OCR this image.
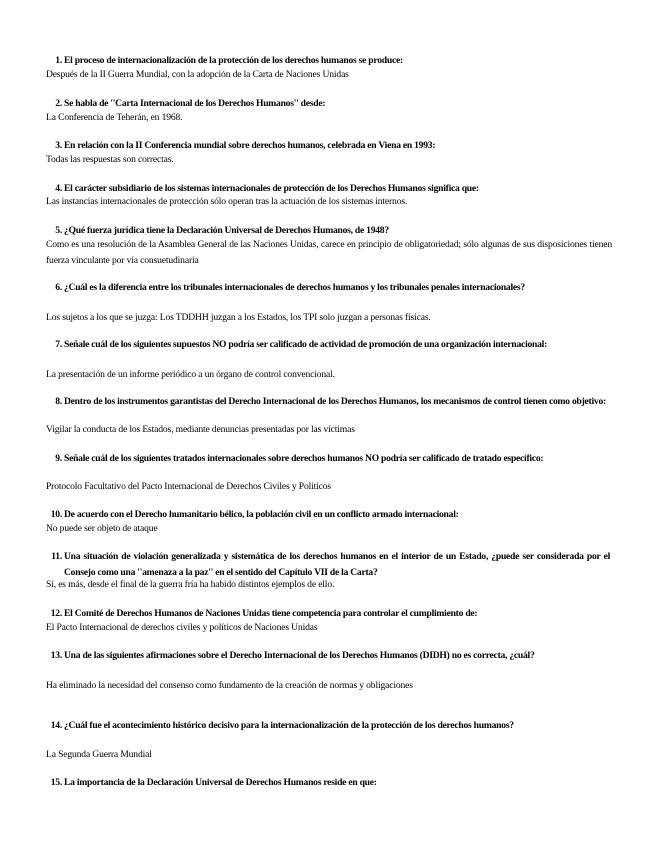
1. El proceso de internacionalización de la protección de los derechos humanos se produce:
Después de la II Guerra Mundial, con la adopción de la Carta de Naciones Unidas
2. Se habla de ''Carta Internacional de los Derechos Humanos'' desde:
La Conferencia de Teherán, en 1968.
3. En relación con la II Conferencia mundial sobre derechos humanos, celebrada en Viena en 1993:
Todas las respuestas son correctas.
4. El carácter subsidiario de los sistemas internacionales de protección de los Derechos Humanos significa que:
Las instancias internacionales de protección sólo operan tras la actuación de los sistemas internos.
5. ¿Qué fuerza jurídica tiene la Declaración Universal de Derechos Humanos, de 1948?
Como es una resolución de la Asamblea General de las Naciones Unidas, carece en principio de obligatoriedad; sólo algunas de sus disposiciones tienen fuerza vinculante por vía consuetudinaria
6. ¿Cuál es la diferencia entre los tribunales internacionales de derechos humanos y los tribunales penales internacionales?
Los sujetos a los que se juzga: Los TDDHH juzgan a los Estados, los TPI solo juzgan a personas físicas.
7. Señale cuál de los siguientes supuestos NO podría ser calificado de actividad de promoción de una organización internacional:
La presentación de un informe periódico a un órgano de control convencional.
8. Dentro de los instrumentos garantistas del Derecho Internacional de los Derechos Humanos, los mecanismos de control tienen como objetivo:
Vigilar la conducta de los Estados, mediante denuncias presentadas por las víctimas
9. Señale cuál de los siguientes tratados internacionales sobre derechos humanos NO podría ser calificado de tratado específico:
Protocolo Facultativo del Pacto Internacional de Derechos Civiles y Políticos
10. De acuerdo con el Derecho humanitario bélico, la población civil en un conflicto armado internacional:
No puede ser objeto de ataque
11. Una situación de violación generalizada y sistemática de los derechos humanos en el interior de un Estado, ¿puede ser considerada por el Consejo como una ''amenaza a la paz'' en el sentido del Capítulo VII de la Carta?
Sí, es más, desde el final de la guerra fría ha habido distintos ejemplos de ello.
12. El Comité de Derechos Humanos de Naciones Unidas tiene competencia para controlar el cumplimiento de:
El Pacto Internacional de derechos civiles y políticos de Naciones Unidas
13. Una de las siguientes afirmaciones sobre el Derecho Internacional de los Derechos Humanos (DIDH) no es correcta, ¿cuál?
Ha eliminado la necesidad del consenso como fundamento de la creación de normas y obligaciones
14. ¿Cuál fue el acontecimiento histórico decisivo para la internacionalización de la protección de los derechos humanos?
La Segunda Guerra Mundial
15. La importancia de la Declaración Universal de Derechos Humanos reside en que:
